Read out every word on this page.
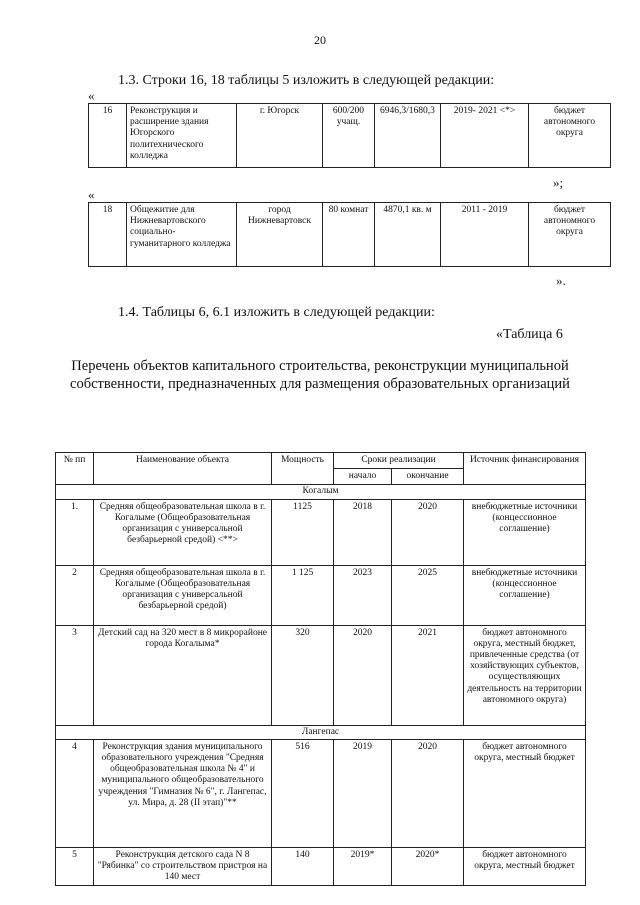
20
1.3. Строки 16, 18 таблицы 5 изложить в следующей редакции:
«
16	Реконструкция и расширение здания Югорского политехнического колледжа	г. Югорск	600/200 учащ.	6946,3/1680,3	2019- 2021 <*>	бюджет автономного округа
»;
«
18	Общежитие для Нижневартовского социально-гуманитарного колледжа	город Нижневартовск	80 комнат	4870,1 кв. м	2011 - 2019	бюджет автономного округа
».
1.4. Таблицы 6, 6.1 изложить в следующей редакции:
«Таблица 6
Перечень объектов капитального строительства, реконструкции муниципальной собственности, предназначенных для размещения образовательных организаций
№ пп	Наименование объекта	Мощность	Сроки реализации		Источник финансирования
			начало	окончание	
Когалым					
1.	Средняя общеобразовательная школа в г. Когалыме (Общеобразовательная организация с универсальной безбарьерной средой) <**>	1125	2018	2020	внебюджетные источники (концессионное соглашение)
2	Средняя общеобразовательная школа в г. Когалыме (Общеобразовательная организация с универсальной безбарьерной средой)	1 125	2023	2025	внебюджетные источники (концессионное соглашение)
3	Детский сад на 320 мест в 8 микрорайоне города Когалыма*	320	2020	2021	бюджет автономного округа, местный бюджет, привлеченные средства (от хозяйствующих субъектов, осуществляющих деятельность на территории автономного округа)
Лангепас					
4	Реконструкция здания муниципального образовательного учреждения "Средняя общеобразовательная школа № 4" и муниципального общеобразовательного учреждения "Гимназия № 6", г. Лангепас, ул. Мира, д. 28 (II этап)"**	516	2019	2020	бюджет автономного округа, местный бюджет
5	Реконструкция детского сада N 8 "Рябинка" со строительством пристроя на 140 мест	140	2019*	2020*	бюджет автономного округа, местный бюджет
